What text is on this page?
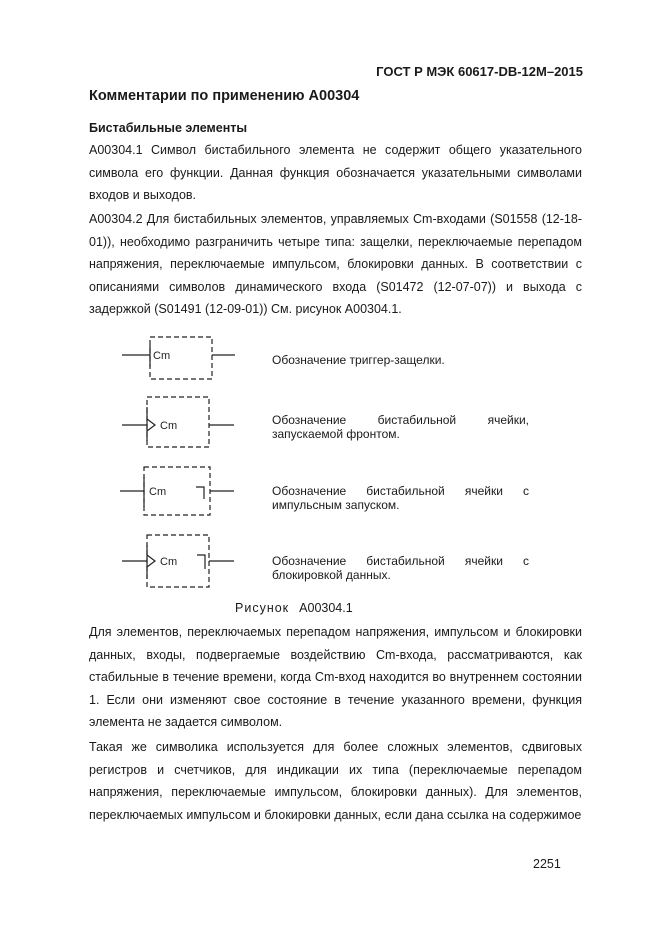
ГОСТ Р МЭК 60617-DB-12M–2015
Комментарии по применению A00304
Бистабильные элементы

A00304.1 Символ бистабильного элемента не содержит общего указательного символа его функции. Данная функция обозначается указательными символами входов и выходов.

A00304.2 Для бистабильных элементов, управляемых Cm-входами (S01558 (12-18-01)), необходимо разграничить четыре типа: защелки, переключаемые перепадом напряжения, переключаемые импульсом, блокировки данных. В соответствии с описаниями символов динамического входа (S01472 (12-07-07)) и выхода с задержкой (S01491 (12-09-01)) См. рисунок A00304.1.

Cm
Cm
Cm
Cm
Обозначение триггер-защелки.
Обозначение бистабильной ячейки, запускаемой фронтом.
Обозначение бистабильной ячейки с импульсным запуском.
Обозначение бистабильной ячейки с блокировкой данных.
Рисунок A00304.1

Для элементов, переключаемых перепадом напряжения, импульсом и блокировки данных, входы, подвергаемые воздействию Cm-входа, рассматриваются, как стабильные в течение времени, когда Cm-вход находится во внутреннем состоянии 1. Если они изменяют свое состояние в течение указанного времени, функция элемента не задается символом.

Такая же символика используется для более сложных элементов, сдвиговых регистров и счетчиков, для индикации их типа (переключаемые перепадом напряжения, переключаемые импульсом, блокировки данных). Для элементов, переключаемых импульсом и блокировки данных, если дана ссылка на содержимое

2251
